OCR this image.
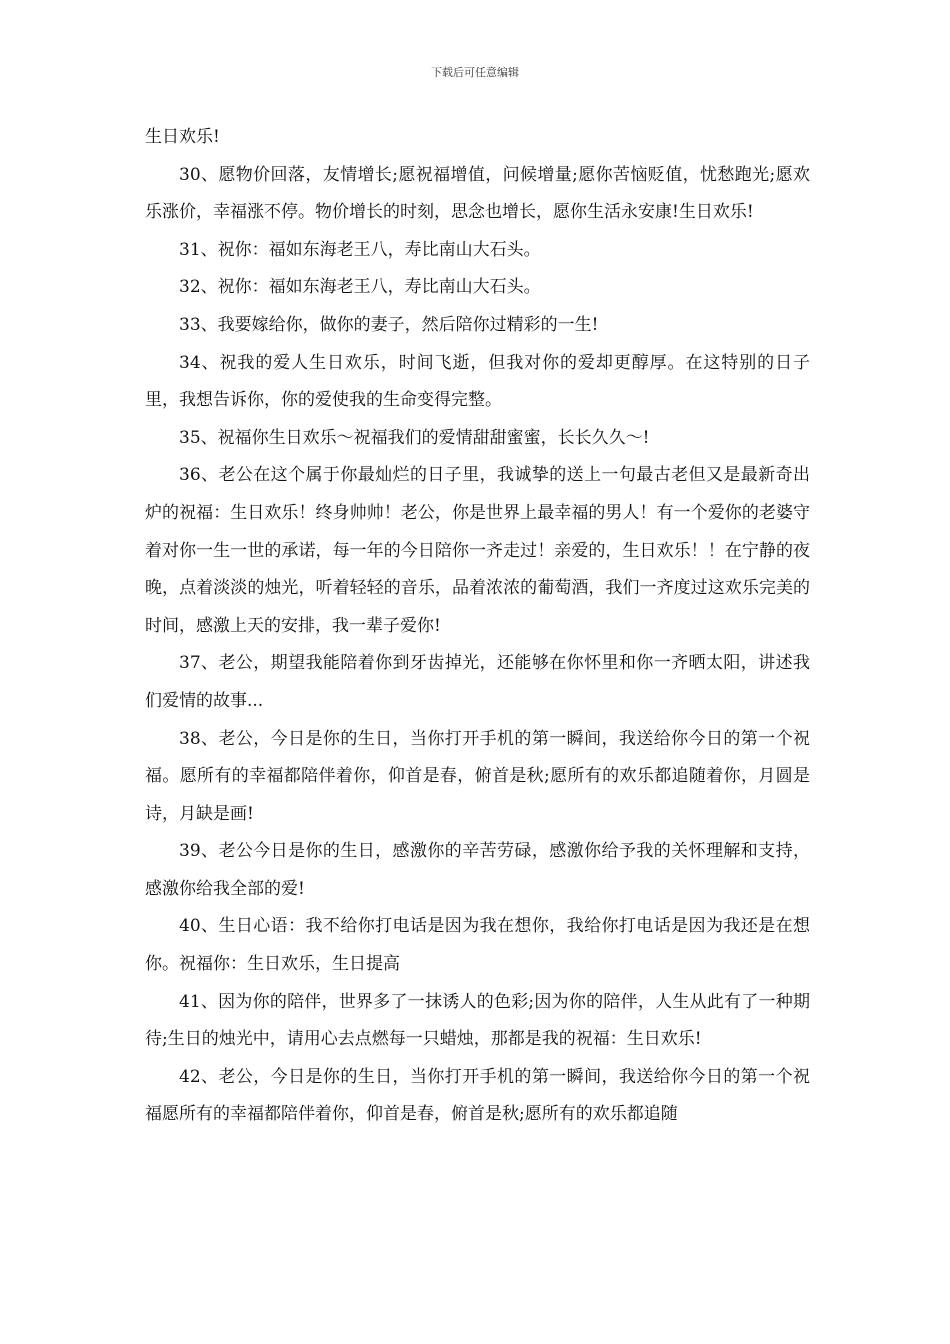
下载后可任意编辑

生日欢乐!

30、愿物价回落，友情增长;愿祝福增值，问候增量;愿你苦恼贬值，忧愁跑光;愿欢乐涨价，幸福涨不停。物价增长的时刻，思念也增长，愿你生活永安康!生日欢乐!

31、祝你：福如东海老王八，寿比南山大石头。

32、祝你：福如东海老王八，寿比南山大石头。

33、我要嫁给你，做你的妻子，然后陪你过精彩的一生!

34、祝我的爱人生日欢乐，时间飞逝，但我对你的爱却更醇厚。在这特别的日子里，我想告诉你，你的爱使我的生命变得完整。

35、祝福你生日欢乐～祝福我们的爱情甜甜蜜蜜，长长久久～!

36、老公在这个属于你最灿烂的日子里，我诚挚的送上一句最古老但又是最新奇出炉的祝福：生日欢乐！终身帅帅！老公，你是世界上最幸福的男人！有一个爱你的老婆守着对你一生一世的承诺，每一年的今日陪你一齐走过！亲爱的，生日欢乐！！在宁静的夜晚，点着淡淡的烛光，听着轻轻的音乐，品着浓浓的葡萄酒，我们一齐度过这欢乐完美的时间，感激上天的安排，我一辈子爱你!

37、老公，期望我能陪着你到牙齿掉光，还能够在你怀里和你一齐晒太阳，讲述我们爱情的故事...

38、老公，今日是你的生日，当你打开手机的第一瞬间，我送给你今日的第一个祝福。愿所有的幸福都陪伴着你，仰首是春，俯首是秋;愿所有的欢乐都追随着你，月圆是诗，月缺是画!

39、老公今日是你的生日，感激你的辛苦劳碌，感激你给予我的关怀理解和支持，感激你给我全部的爱!

40、生日心语：我不给你打电话是因为我在想你，我给你打电话是因为我还是在想你。祝福你：生日欢乐，生日提高

41、因为你的陪伴，世界多了一抹诱人的色彩;因为你的陪伴，人生从此有了一种期待;生日的烛光中，请用心去点燃每一只蜡烛，那都是我的祝福：生日欢乐!

42、老公，今日是你的生日，当你打开手机的第一瞬间，我送给你今日的第一个祝福愿所有的幸福都陪伴着你，仰首是春，俯首是秋;愿所有的欢乐都追随
